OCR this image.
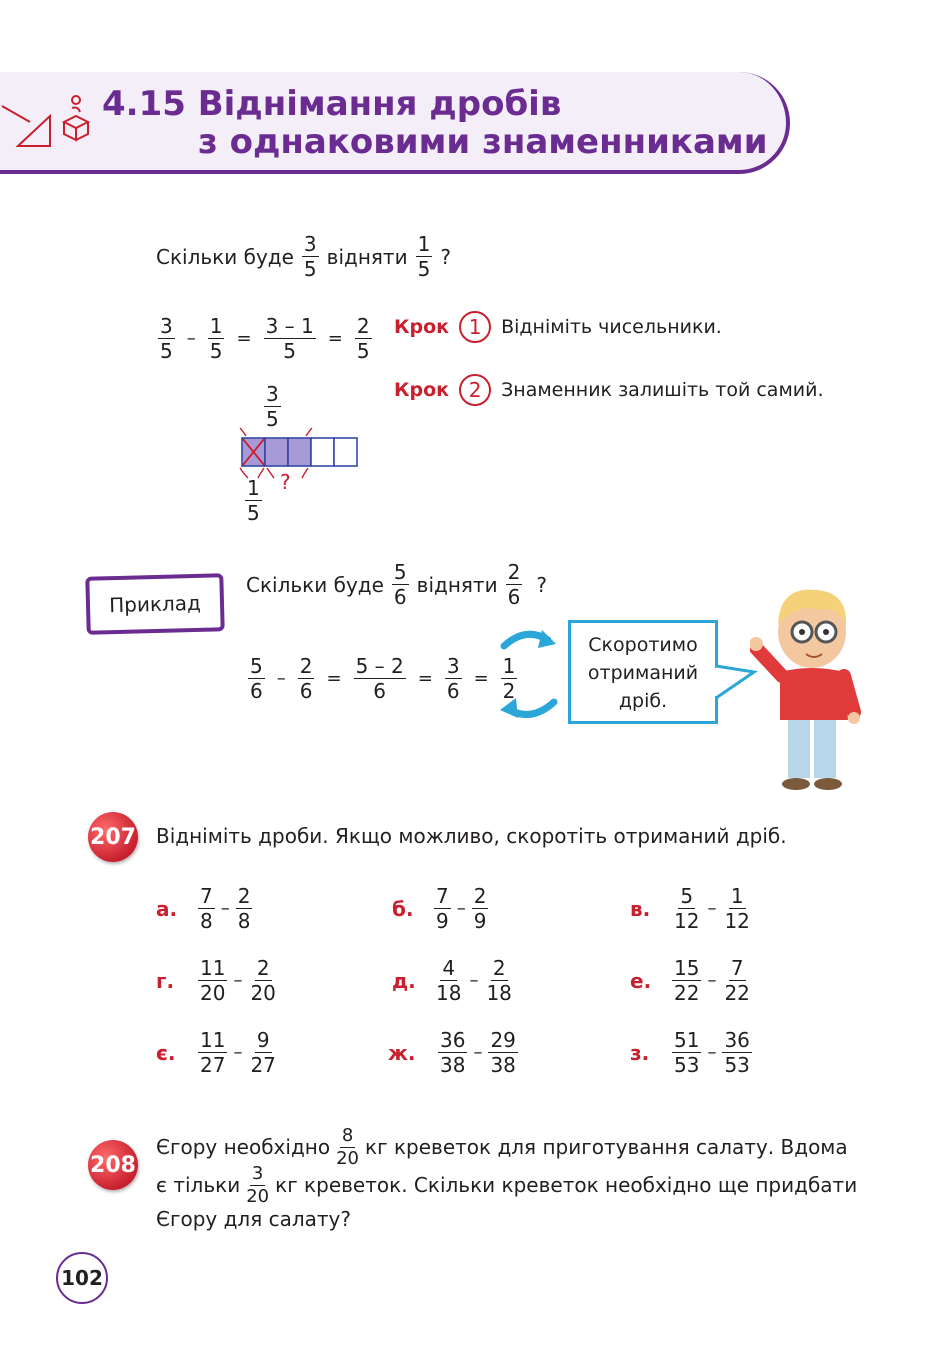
4.15 Віднімання дробів
з однаковими знаменниками
Скільки буде $\frac{3}{5}$ відняти $\frac{1}{5}$ ?
$\frac{3}{5} - \frac{1}{5} = \frac{3 - 1}{5} = \frac{2}{5}$ Крок 1	Відніміть чисельники.
Крок 2	Знаменник залишіть той самий.
$\frac{3}{5}$
?
$\frac{1}{5}$
Приклад
Скільки буде $\frac{5}{6}$ відняти $\frac{2}{6}$ ?
$\frac{5}{6} - \frac{2}{6} = \frac{5 - 2}{6} = \frac{3}{6} = \frac{1}{2}$
Скоротимо
отриманий
дріб.
207 Відніміть дроби. Якщо можливо, скоротіть отриманий дріб.
а.	$\frac{7}{8} - \frac{2}{8}$	б.	$\frac{7}{9} - \frac{2}{9}$	в.	$\frac{5}{12} - \frac{1}{12}$
г.	$\frac{11}{20} - \frac{2}{20}$	д. $\frac{4}{18} - \frac{2}{18}$	е.	$\frac{15}{22} - \frac{7}{22}$
є.	$\frac{11}{27} - \frac{9}{27}$	ж.	$\frac{36}{38} - \frac{29}{38}$	з.	$\frac{51}{53} - \frac{36}{53}$
208
Єгору необхідно $\frac{8}{20}$ кг креветок для приготування салату. Вдома
є тільки $\frac{3}{20}$ кг креветок. Скільки креветок необхідно ще придбати
Єгору для салату?
102
